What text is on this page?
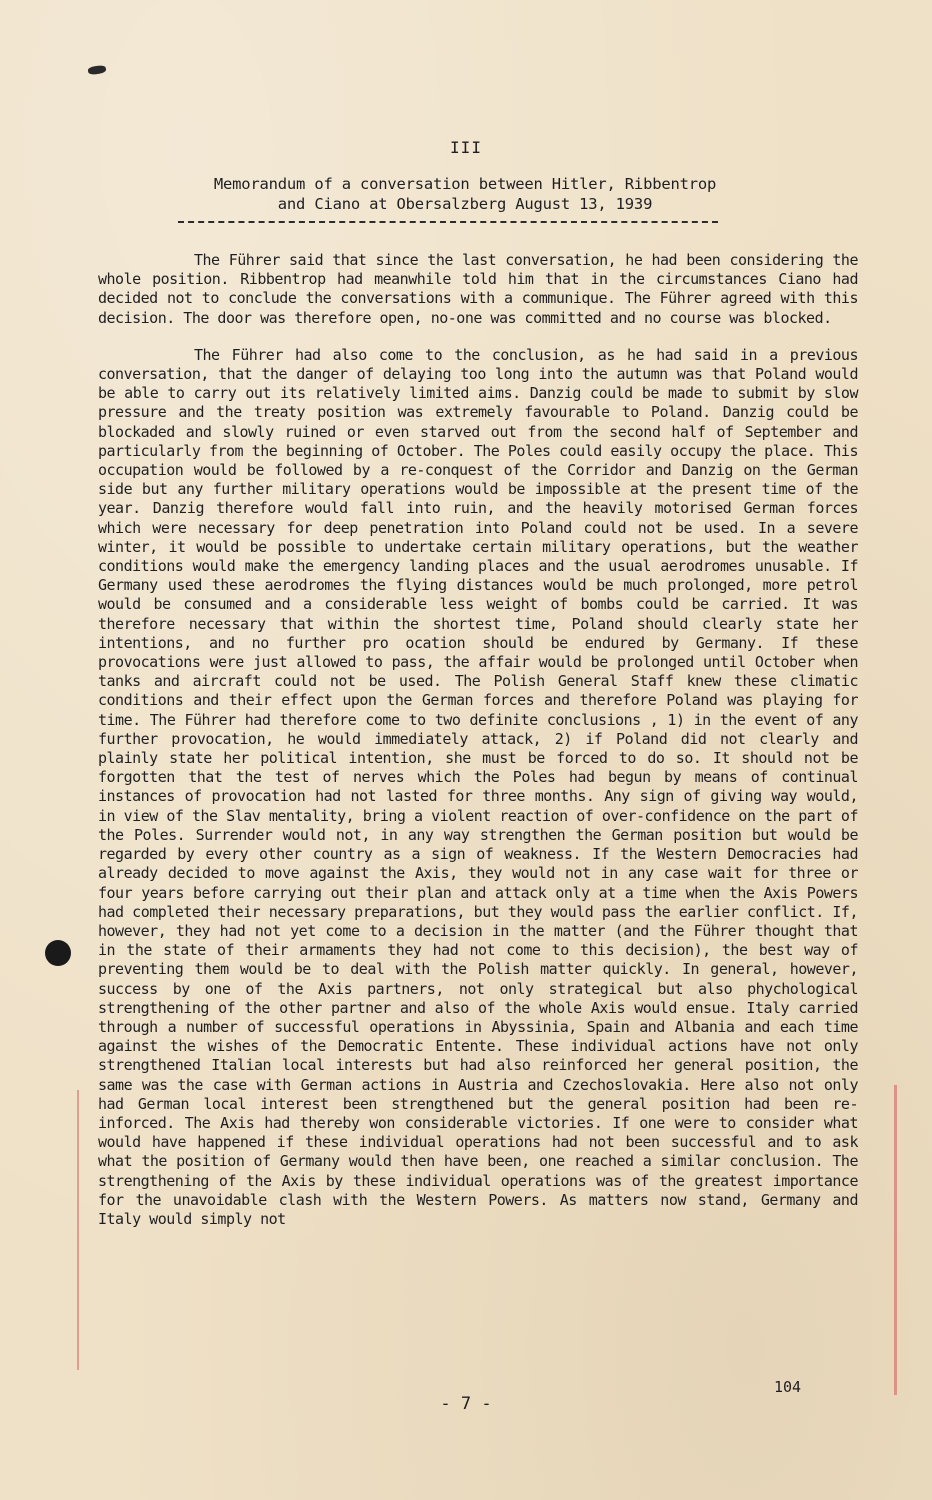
III
Memorandum of a conversation between Hitler, Ribbentrop
and Ciano at Obersalzberg August 13, 1939

The Führer said that since the last conversation, he had been considering the whole position. Ribbentrop had meanwhile told him that in the circumstances Ciano had decided not to conclude the conversations with a communique. The Führer agreed with this decision. The door was therefore open, no-one was committed and no course was blocked.

The Führer had also come to the conclusion, as he had said in a previous conversation, that the danger of delaying too long into the autumn was that Poland would be able to carry out its relatively limited aims. Danzig could be made to submit by slow pressure and the treaty position was extremely favourable to Poland. Danzig could be blockaded and slowly ruined or even starved out from the second half of September and particularly from the beginning of October. The Poles could easily occupy the place. This occupation would be followed by a re-conquest of the Corridor and Danzig on the German side but any further military operations would be impossible at the present time of the year. Danzig therefore would fall into ruin, and the heavily motorised German forces which were necessary for deep penetration into Poland could not be used. In a severe winter, it would be possible to undertake certain military operations, but the weather conditions would make the emergency landing places and the usual aerodromes unusable. If Germany used these aerodromes the flying distances would be much prolonged, more petrol would be consumed and a considerable less weight of bombs could be carried. It was therefore necessary that within the shortest time, Poland should clearly state her intentions, and no further pro ocation should be endured by Germany. If these provocations were just allowed to pass, the affair would be prolonged until October when tanks and aircraft could not be used. The Polish General Staff knew these climatic conditions and their effect upon the German forces and therefore Poland was playing for time. The Führer had therefore come to two definite conclusions , 1) in the event of any further provocation, he would immediately attack, 2) if Poland did not clearly and plainly state her political intention, she must be forced to do so. It should not be forgotten that the test of nerves which the Poles had begun by means of continual instances of provocation had not lasted for three months. Any sign of giving way would, in view of the Slav mentality, bring a violent reaction of over-confidence on the part of the Poles. Surrender would not, in any way strengthen the German position but would be regarded by every other country as a sign of weakness. If the Western Democracies had already decided to move against the Axis, they would not in any case wait for three or four years before carrying out their plan and attack only at a time when the Axis Powers had completed their necessary preparations, but they would pass the earlier conflict. If, however, they had not yet come to a decision in the matter (and the Führer thought that in the state of their armaments they had not come to this decision), the best way of preventing them would be to deal with the Polish matter quickly. In general, however, success by one of the Axis partners, not only strategical but also phychological strengthening of the other partner and also of the whole Axis would ensue. Italy carried through a number of successful operations in Abyssinia, Spain and Albania and each time against the wishes of the Democratic Entente. These individual actions have not only strengthened Italian local interests but had also reinforced her general position, the same was the case with German actions in Austria and Czechoslovakia. Here also not only had German local interest been strengthened but the general position had been re-inforced. The Axis had thereby won considerable victories. If one were to consider what would have happened if these individual operations had not been successful and to ask what the position of Germany would then have been, one reached a similar conclusion. The strengthening of the Axis by these individual operations was of the greatest importance for the unavoidable clash with the Western Powers. As matters now stand, Germany and Italy would simply not

104
- 7 -
